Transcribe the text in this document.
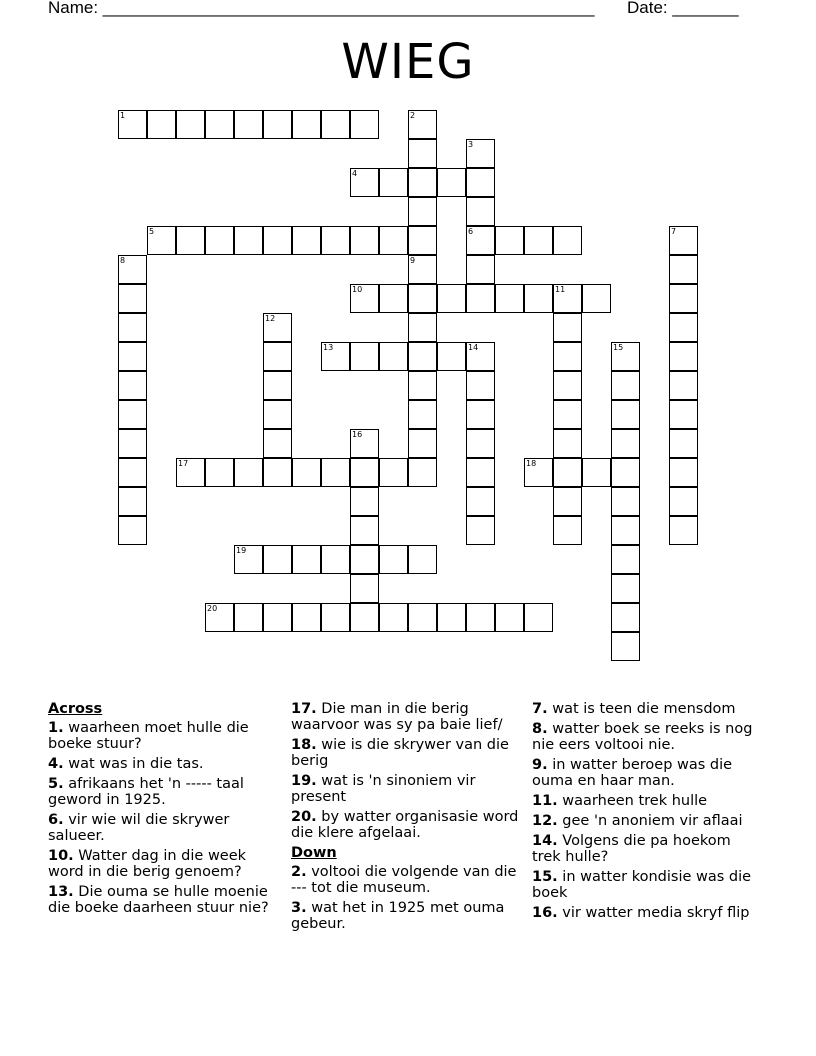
Name: ____________________________________________________ Date: _______
WIEG
1	2
3
6
4
5	7
8	9
10	11
12
13	14	15
16
17	18
19
20
Across
1. waarheen moet hulle die boeke stuur?
4. wat was in die tas.
5. afrikaans het 'n ----- taal geword in 1925.
6. vir wie wil die skrywer salueer.
10. Watter dag in die week word in die berig genoem?
13. Die ouma se hulle moenie die boeke daarheen stuur nie?
17. Die man in die berig waarvoor was sy pa baie lief/
18. wie is die skrywer van die berig
19. wat is 'n sinoniem vir present
20. by watter organisasie word die klere afgelaai.
Down
2. voltooi die volgende van die --- tot die museum.
3. wat het in 1925 met ouma gebeur.
7. wat is teen die mensdom
8. watter boek se reeks is nog nie eers voltooi nie.
9. in watter beroep was die ouma en haar man.
11. waarheen trek hulle
12. gee 'n anoniem vir aflaai
14. Volgens die pa hoekom trek hulle?
15. in watter kondisie was die boek
16. vir watter media skryf flip
